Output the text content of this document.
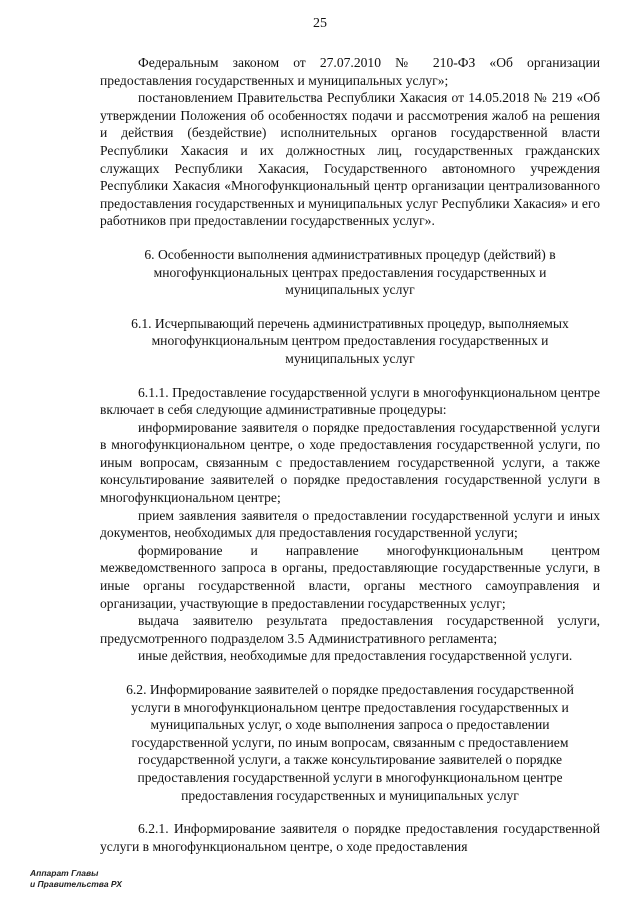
25

Федеральным законом от 27.07.2010 № 210-ФЗ «Об организации предоставления государственных и муниципальных услуг»;

постановлением Правительства Республики Хакасия от 14.05.2018 № 219 «Об утверждении Положения об особенностях подачи и рассмотрения жалоб на решения и действия (бездействие) исполнительных органов государственной власти Республики Хакасия и их должностных лиц, государственных гражданских служащих Республики Хакасия, Государственного автономного учреждения Республики Хакасия «Многофункциональный центр организации централизованного предоставления государственных и муниципальных услуг Республики Хакасия» и его работников при предоставлении государственных услуг».

6. Особенности выполнения административных процедур (действий) в многофункциональных центрах предоставления государственных и муниципальных услуг

6.1. Исчерпывающий перечень административных процедур, выполняемых многофункциональным центром предоставления государственных и муниципальных услуг

6.1.1. Предоставление государственной услуги в многофункциональном центре включает в себя следующие административные процедуры:

информирование заявителя о порядке предоставления государственной услуги в многофункциональном центре, о ходе предоставления государственной услуги, по иным вопросам, связанным с предоставлением государственной услуги, а также консультирование заявителей о порядке предоставления государственной услуги в многофункциональном центре;

прием заявления заявителя о предоставлении государственной услуги и иных документов, необходимых для предоставления государственной услуги;

формирование и направление многофункциональным центром межведомственного запроса в органы, предоставляющие государственные услуги, в иные органы государственной власти, органы местного самоуправления и организации, участвующие в предоставлении государственных услуг;

выдача заявителю результата предоставления государственной услуги, предусмотренного подразделом 3.5 Административного регламента;

иные действия, необходимые для предоставления государственной услуги.

6.2. Информирование заявителей о порядке предоставления государственной услуги в многофункциональном центре предоставления государственных и муниципальных услуг, о ходе выполнения запроса о предоставлении государственной услуги, по иным вопросам, связанным с предоставлением государственной услуги, а также консультирование заявителей о порядке предоставления государственной услуги в многофункциональном центре предоставления государственных и муниципальных услуг

6.2.1. Информирование заявителя о порядке предоставления государственной услуги в многофункциональном центре, о ходе предоставления

Аппарат Главы
и Правительства РХ
